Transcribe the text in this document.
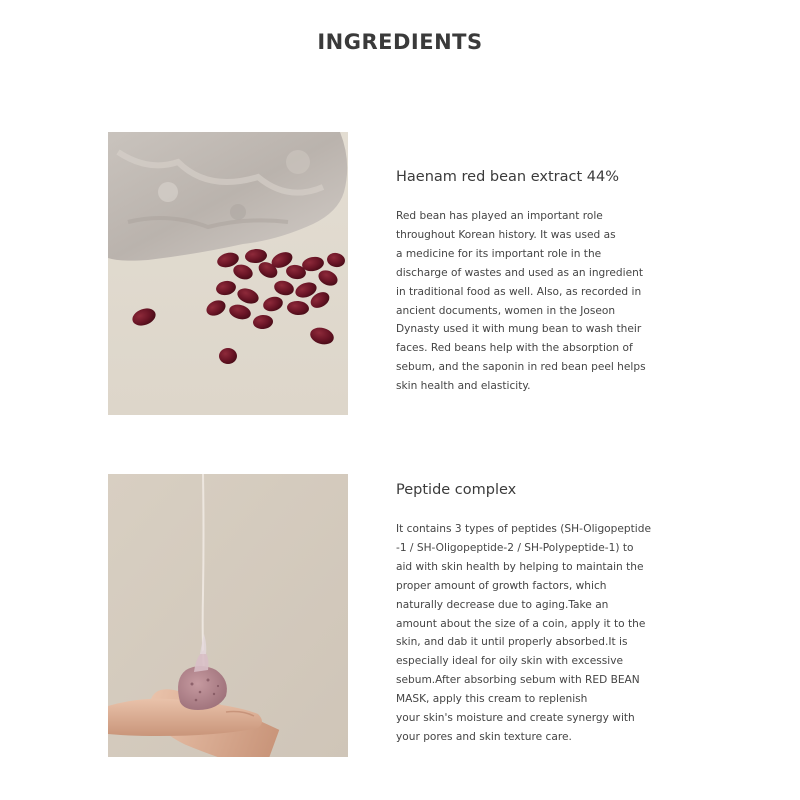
INGREDIENTS
Haenam red bean extract 44%
Red bean has played an important role
throughout Korean history. It was used as
a medicine for its important role in the
discharge of wastes and used as an ingredient
in traditional food as well. Also, as recorded in
ancient documents, women in the Joseon
Dynasty used it with mung bean to wash their
faces. Red beans help with the absorption of
sebum, and the saponin in red bean peel helps
skin health and elasticity.
Peptide complex
It contains 3 types of peptides (SH-Oligopeptide
-1 / SH-Oligopeptide-2 / SH-Polypeptide-1) to
aid with skin health by helping to maintain the
proper amount of growth factors, which
naturally decrease due to aging.Take an
amount about the size of a coin, apply it to the
skin, and dab it until properly absorbed.It is
especially ideal for oily skin with excessive
sebum.After absorbing sebum with RED BEAN
MASK, apply this cream to replenish
your skin's moisture and create synergy with
your pores and skin texture care.
